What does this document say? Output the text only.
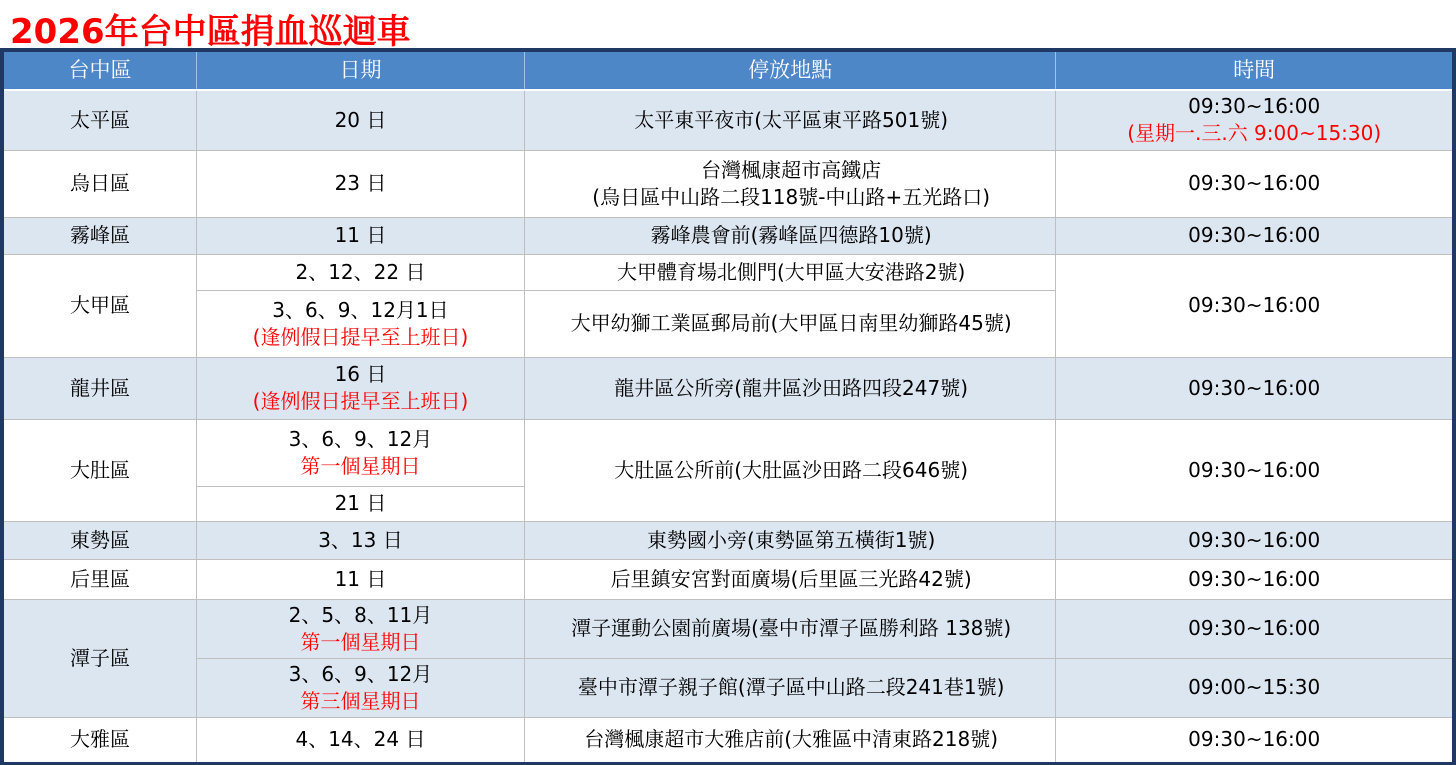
2026年台中區捐血巡迴車
台中區	日期	停放地點	時間

太平區	20 日	太平東平夜市(太平區東平路501號)	09:30~16:00
(星期一.三.六 9:00~15:30)

烏日區	23 日	台灣楓康超市高鐵店
(烏日區中山路二段118號-中山路+五光路口)	09:30~16:00

霧峰區	11 日	霧峰農會前(霧峰區四德路10號)	09:30~16:00

大甲區	2、12、22 日	大甲體育場北側門(大甲區大安港路2號)	09:30~16:00

	3、6、9、12月1日
(逢例假日提早至上班日)	大甲幼獅工業區郵局前(大甲區日南里幼獅路45號)	

龍井區	16 日
(逢例假日提早至上班日)	龍井區公所旁(龍井區沙田路四段247號)	09:30~16:00

大肚區	3、6、9、12月
第一個星期日	大肚區公所前(大肚區沙田路二段646號)	09:30~16:00

	21 日		

東勢區	3、13 日	東勢國小旁(東勢區第五橫街1號)	09:30~16:00

后里區	11 日	后里鎮安宮對面廣場(后里區三光路42號)	09:30~16:00

潭子區	2、5、8、11月
第一個星期日	潭子運動公園前廣場(臺中市潭子區勝利路 138號)	09:30~16:00

	3、6、9、12月
第三個星期日	臺中市潭子親子館(潭子區中山路二段241巷1號)	09:00~15:30

大雅區	4、14、24 日	台灣楓康超市大雅店前(大雅區中清東路218號)	09:30~16:00
